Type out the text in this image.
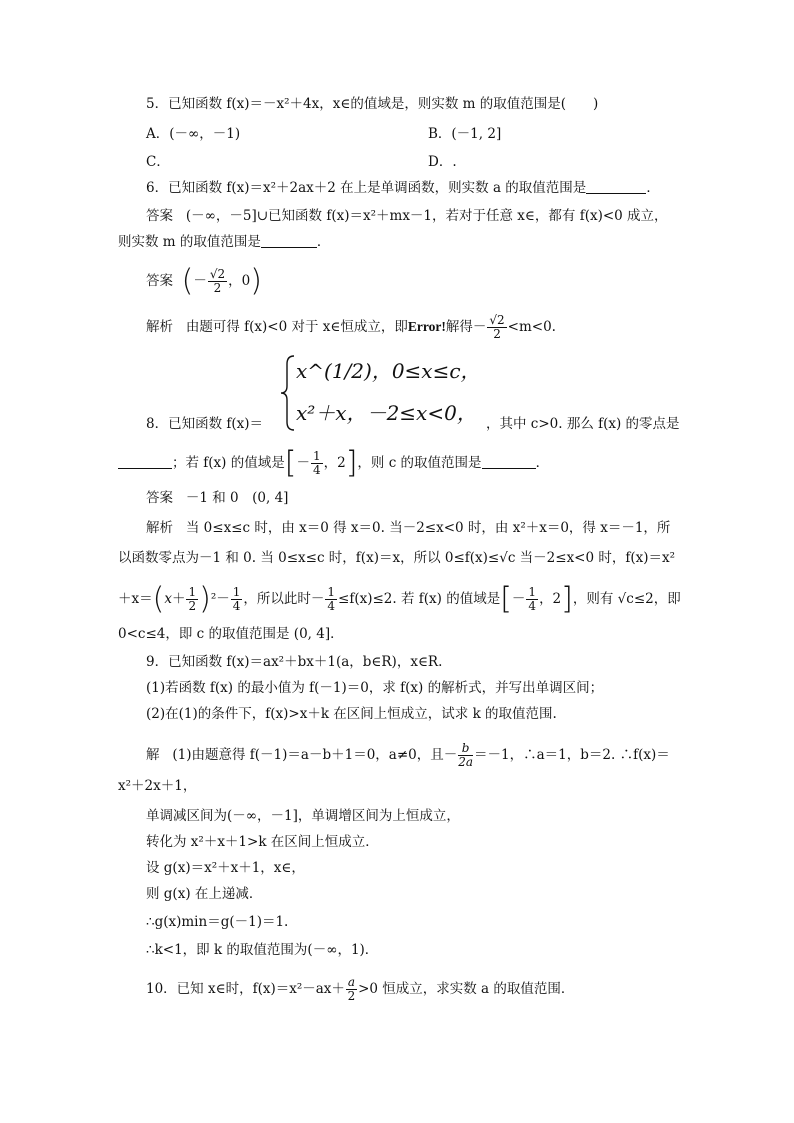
5．已知函数 f(x)＝－x²＋4x，x∈的值域是，则实数 m 的取值范围是(　　)
A．(－∞，－1)	B．(－1, 2]
C．	D．.
6．已知函数 f(x)＝x²＋2ax＋2 在上是单调函数，则实数 a 的取值范围是	．
答案 (－∞，－5]∪已知函数 f(x)＝x²＋mx－1，若对于任意 x∈，都有 f(x)<0 成立，
则实数 m 的取值范围是	．
答案 (－ $\frac{√2}{2}$ ，0)
解析 由题可得 f(x)<0 对于 x∈恒成立，即Error!解得－ $\frac{√2}{2} <m<0$.
x^(1/2)，0≤x≤c，
x²＋x，－2≤x<0，
8．已知函数 f(x)＝	，其中 c>0. 那么 f(x) 的零点是
；若 f(x) 的值域是[－ $\frac{1}{4}$ ，2]，则 c 的取值范围是	．
答案 －1 和 0　(0, 4]
解析 当 0≤x≤c 时，由 x＝0 得 x＝0. 当－2≤x<0 时，由 x²＋x＝0，得 x＝－1，所
以函数零点为－1 和 0. 当 0≤x≤c 时，f(x)＝x，所以 0≤f(x)≤√c 当－2≤x<0 时，f(x)＝x²
$+x=(x+ \frac{1}{2} )^2- \frac{1}{4}$ ，所以此时－ $\frac{1}{4} \le f(x)\le 2$. 若 f(x) 的值域是[－ $\frac{1}{4}$ ，2]，则有 √c≤2，即
0<c≤4，即 c 的取值范围是 (0, 4]．
9．已知函数 f(x)＝ax²＋bx＋1(a，b∈R)，x∈R.
(1)若函数 f(x) 的最小值为 f(－1)＝0，求 f(x) 的解析式，并写出单调区间；
(2)在(1)的条件下，f(x)>x＋k 在区间上恒成立，试求 k 的取值范围.
解 (1)由题意得 f(－1)＝a－b＋1＝0，a≠0，且－ $\frac{b}{2a} =-1$，∴a＝1，b＝2. ∴f(x)＝
x²＋2x＋1，
单调减区间为(－∞，－1]，单调增区间为上恒成立，
转化为 x²＋x＋1>k 在区间上恒成立．
设 g(x)＝x²＋x＋1，x∈，
则 g(x) 在上递减．
∴g(x)min＝g(－1)＝1.
∴k<1，即 k 的取值范围为(－∞，1)．
10．已知 x∈时，$f(x)=x^2-ax+ \frac{a}{2} >0$ 恒成立，求实数 a 的取值范围．
